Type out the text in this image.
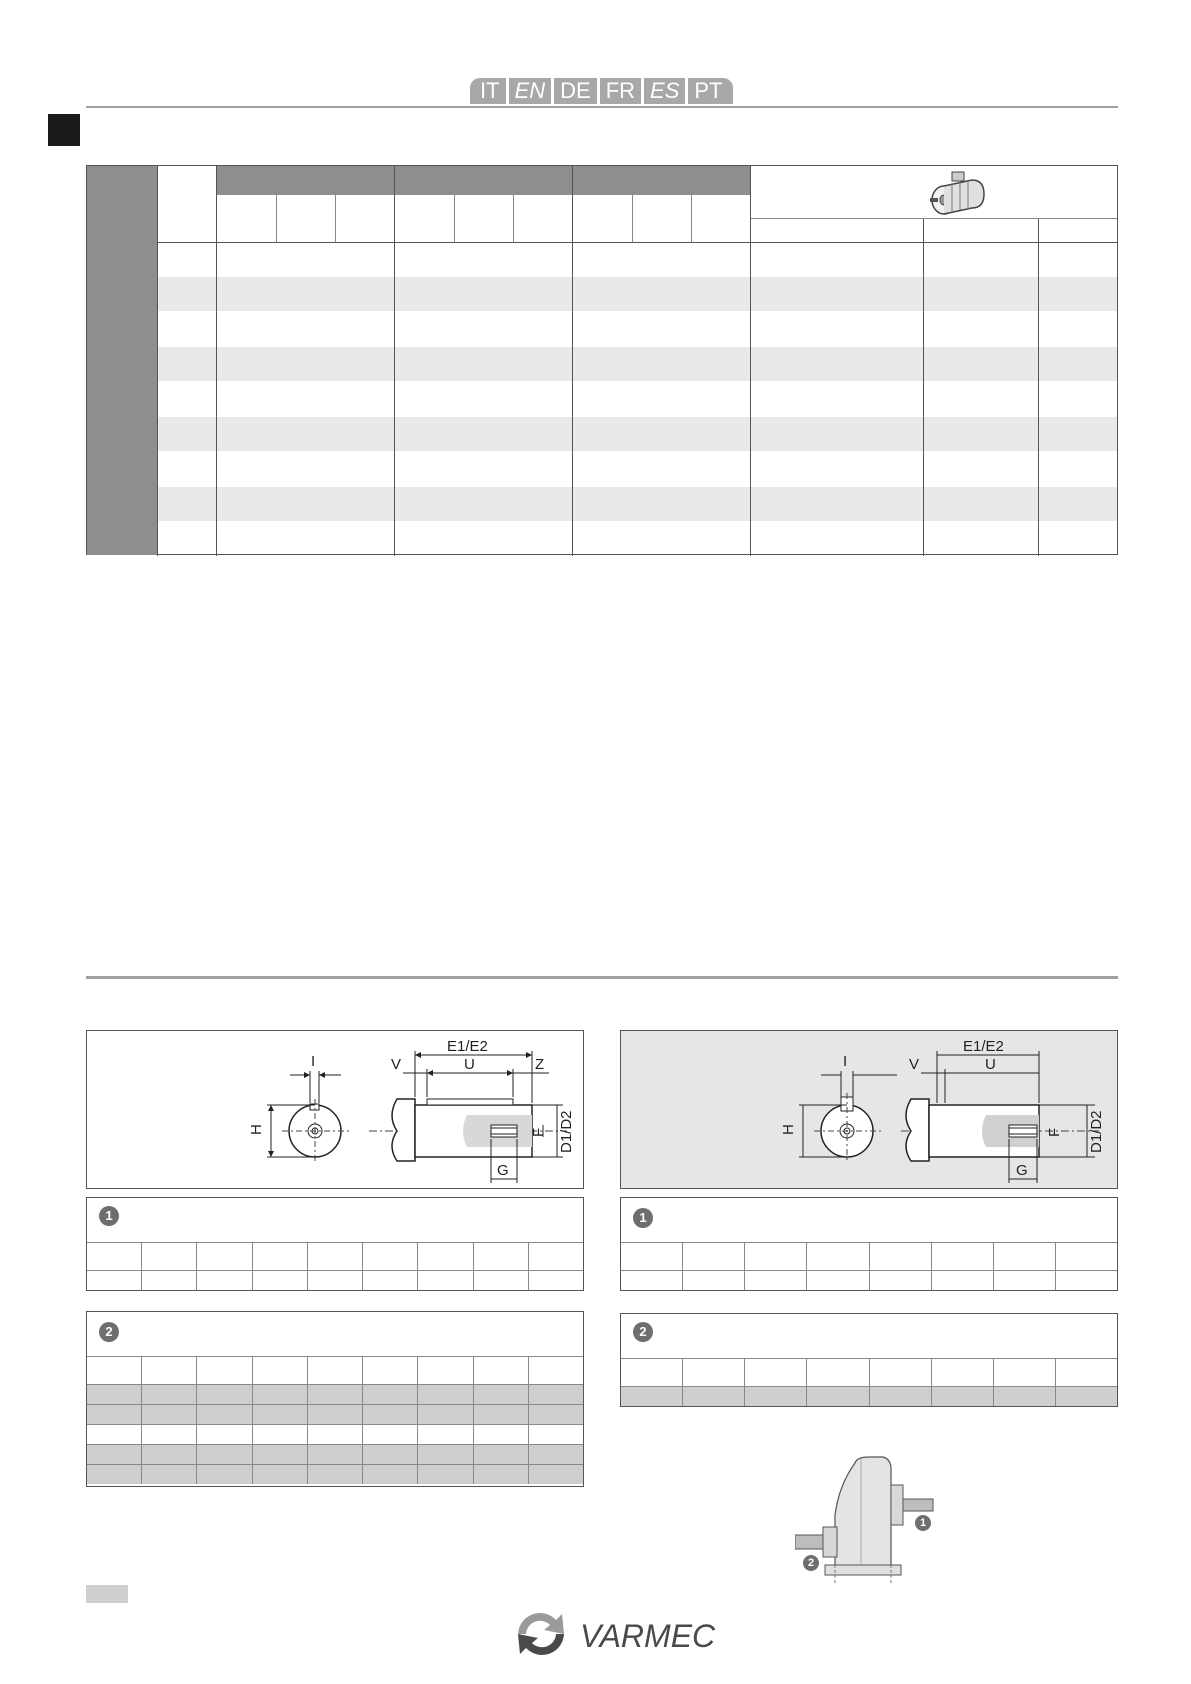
IT EN DE FR ES PT
I
H
E1/E2
U
V	Z
F D1/D2
G
I
H
E1/E2
U
V
F D1/D2
G
1	1
2	2
1
2
VARMEC
